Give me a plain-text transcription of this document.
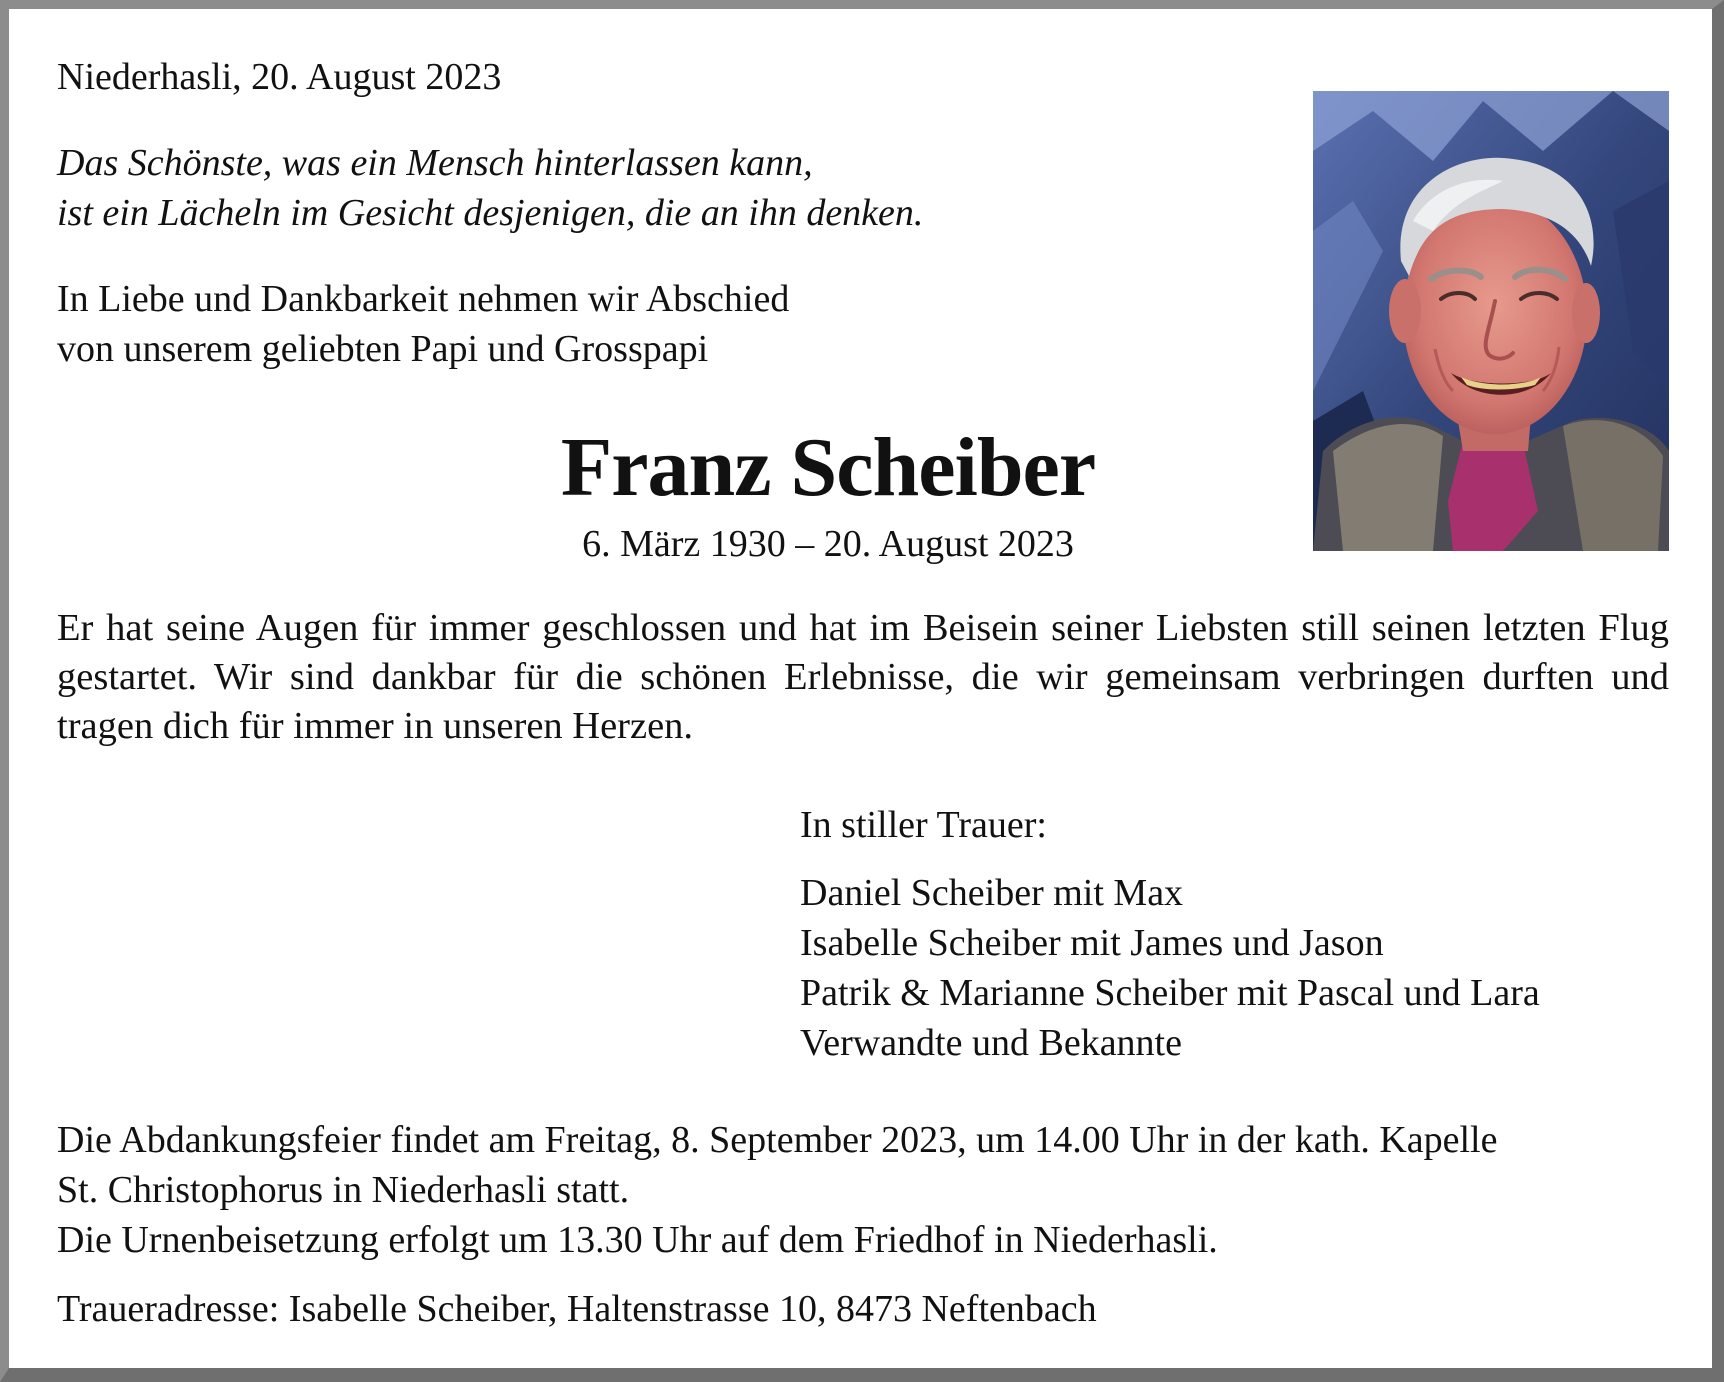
Niederhasli, 20. August 2023
Das Schönste, was ein Mensch hinterlassen kann,
ist ein Lächeln im Gesicht desjenigen, die an ihn denken.
In Liebe und Dankbarkeit nehmen wir Abschied
von unserem geliebten Papi und Grosspapi
Franz Scheiber
6. März 1930 – 20. August 2023
Er hat seine Augen für immer geschlossen und hat im Beisein seiner Liebsten still seinen letzten Flug gestartet. Wir sind dankbar für die schönen Erlebnisse, die wir gemeinsam verbringen durften und tragen dich für immer in unseren Herzen.
In stiller Trauer:
Daniel Scheiber mit Max
Isabelle Scheiber mit James und Jason
Patrik & Marianne Scheiber mit Pascal und Lara
Verwandte und Bekannte
Die Abdankungsfeier findet am Freitag, 8. September 2023, um 14.00 Uhr in der kath. Kapelle
St. Christophorus in Niederhasli statt.
Die Urnenbeisetzung erfolgt um 13.30 Uhr auf dem Friedhof in Niederhasli.
Traueradresse: Isabelle Scheiber, Haltenstrasse 10, 8473 Neftenbach
